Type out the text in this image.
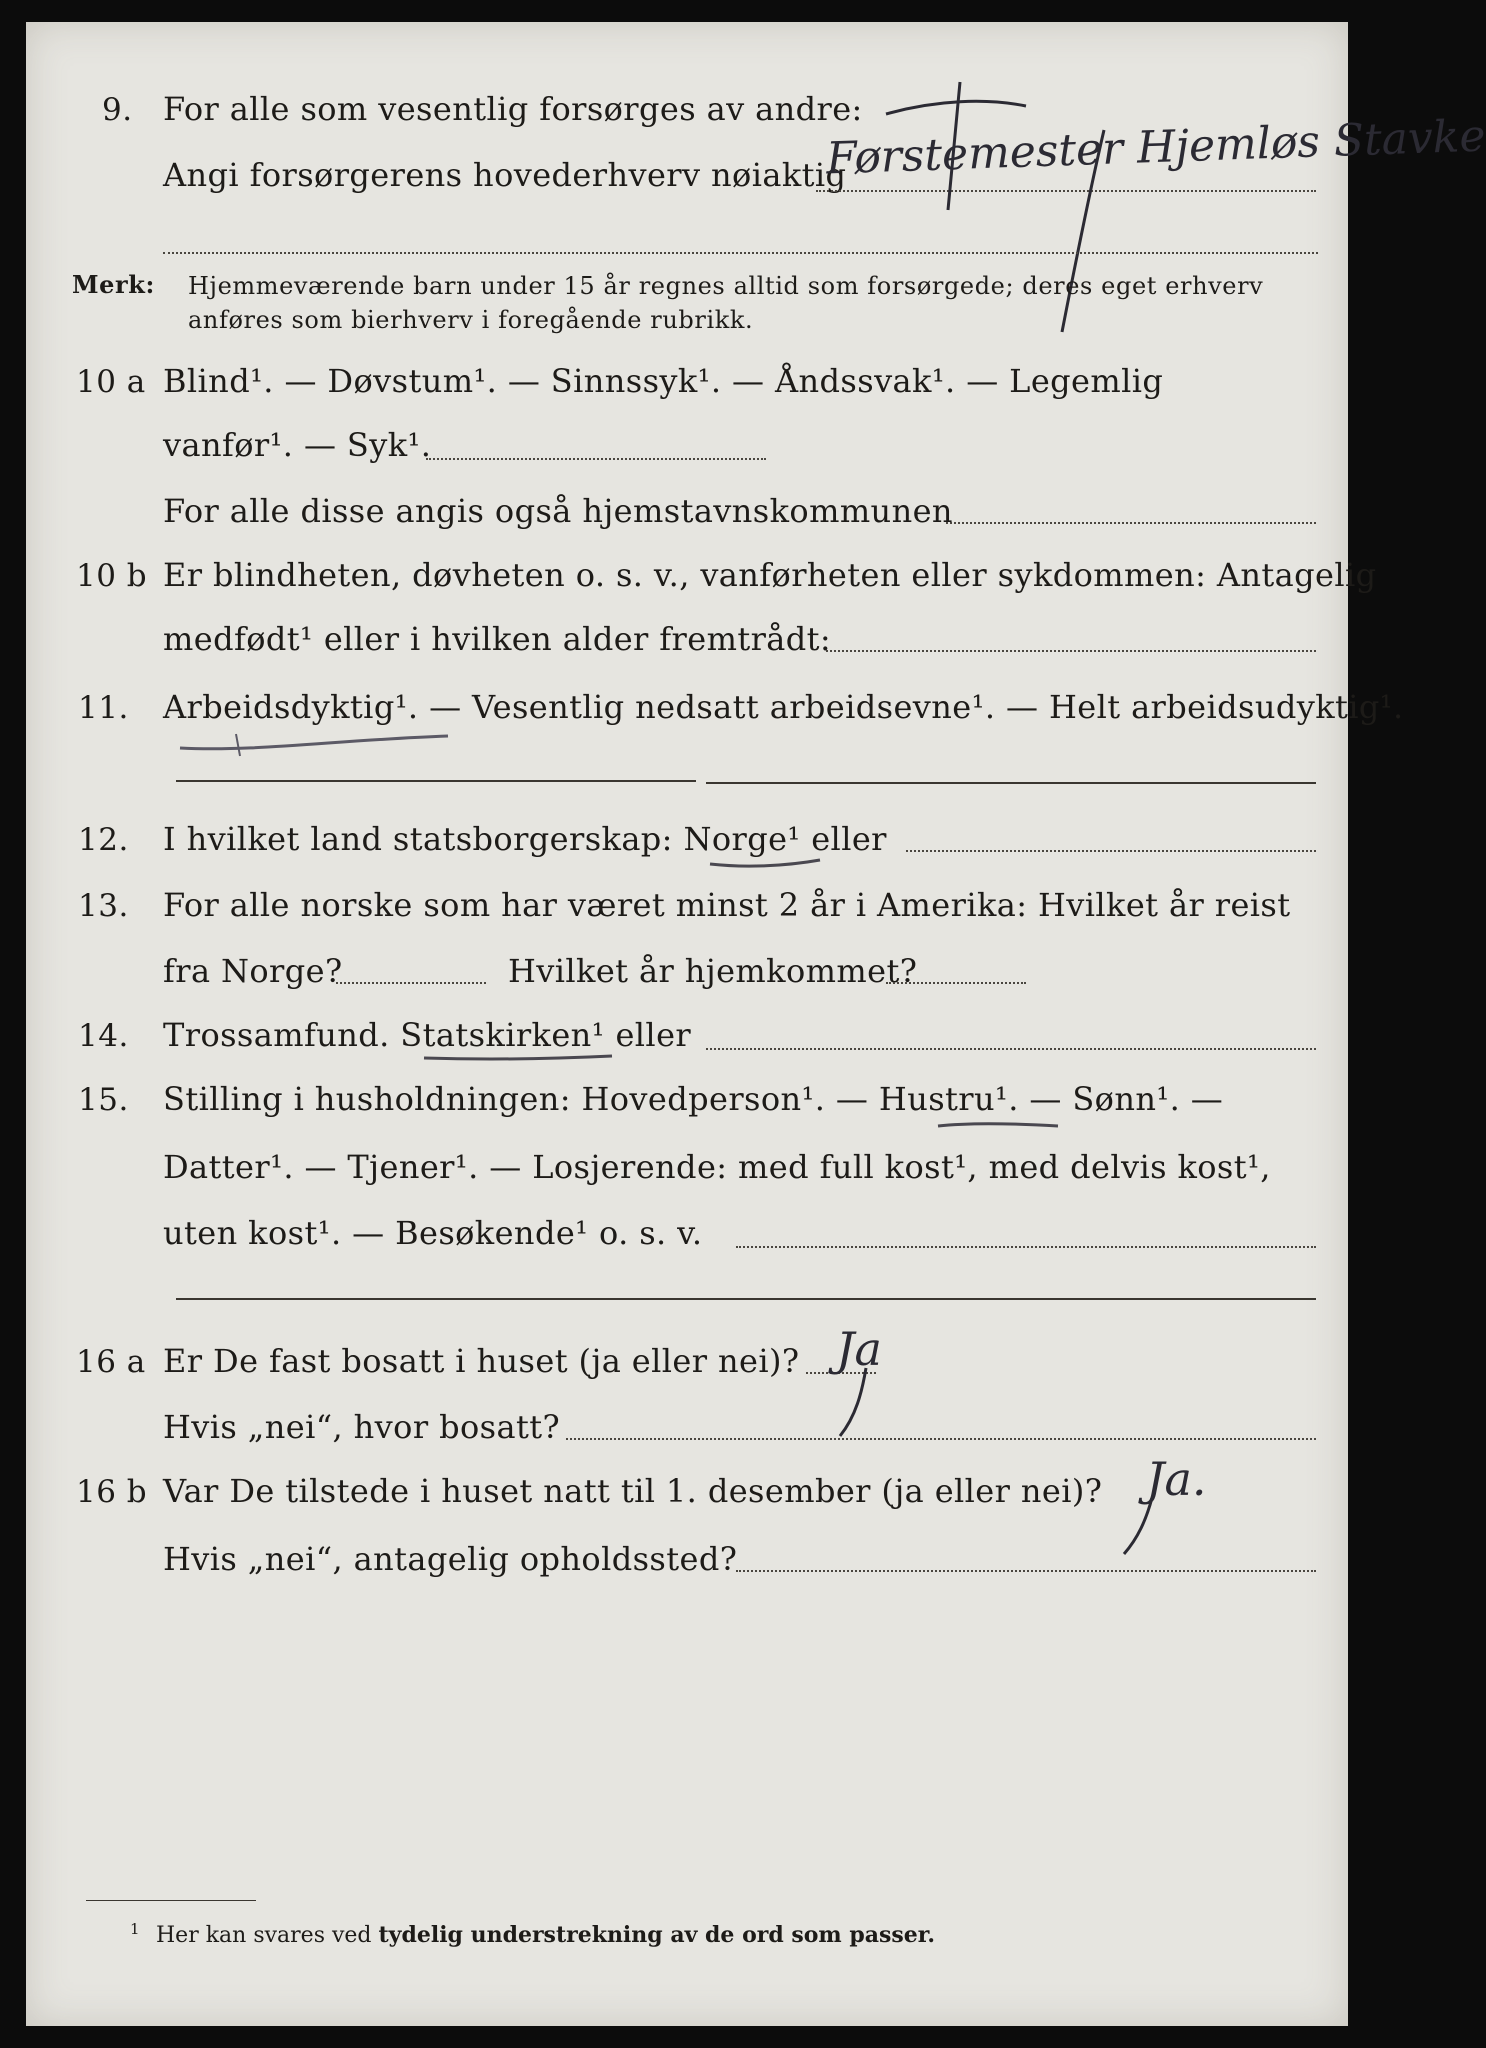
9. For alle som vesentlig forsørges av andre:
Angi forsørgerens hovederhverv nøiaktig
Førstemester Hjemløs Stavke
Merk: Hjemmeværende barn under 15 år regnes alltid som forsørgede; deres eget erhverv
anføres som bierhverv i foregående rubrikk.
10 a Blind¹. — Døvstum¹. — Sinnssyk¹. — Åndssvak¹. — Legemlig
vanfør¹. — Syk¹.
For alle disse angis også hjemstavnskommunen
10 b Er blindheten, døvheten o. s. v., vanførheten eller sykdommen: Antagelig
medfødt¹ eller i hvilken alder fremtrådt:
11. Arbeidsdyktig¹. — Vesentlig nedsatt arbeidsevne¹. — Helt arbeidsudyktig¹.
12. I hvilket land statsborgerskap: Norge¹ eller
13. For alle norske som har været minst 2 år i Amerika: Hvilket år reist
fra Norge?	Hvilket år hjemkommet?
14. Trossamfund. Statskirken¹ eller
15. Stilling i husholdningen: Hovedperson¹. — Hustru¹. — Sønn¹. —
Datter¹. — Tjener¹. — Losjerende: med full kost¹, med delvis kost¹,
uten kost¹. — Besøkende¹ o. s. v.
16 a Er De fast bosatt i huset (ja eller nei)? Ja
Hvis „nei“, hvor bosatt?
16 b Var De tilstede i huset natt til 1. desember (ja eller nei)? Ja.
Hvis „nei“, antagelig opholdssted?
1 Her kan svares ved tydelig understrekning av de ord som passer.
